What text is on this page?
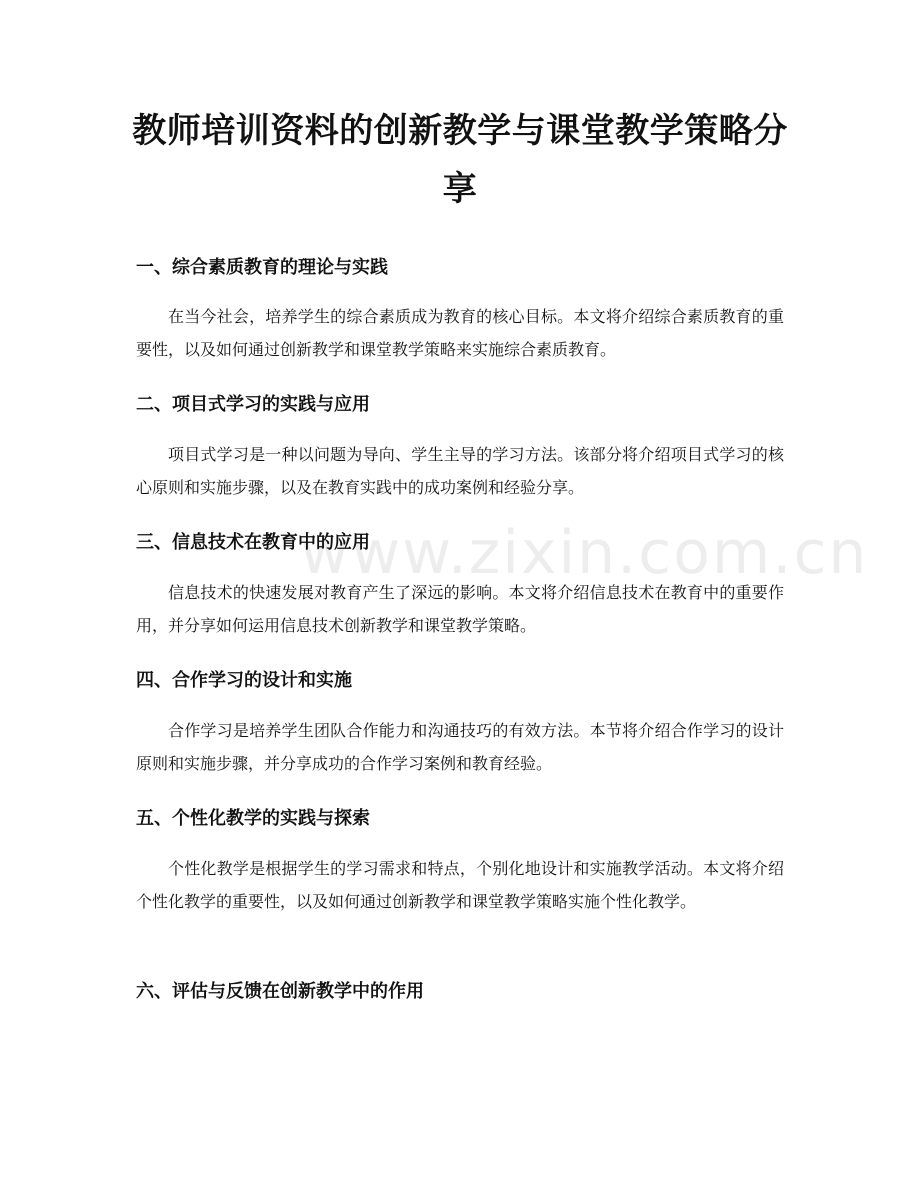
教师培训资料的创新教学与课堂教学策略分享
一、综合素质教育的理论与实践

在当今社会，培养学生的综合素质成为教育的核心目标。本文将介绍综合素质教育的重要性，以及如何通过创新教学和课堂教学策略来实施综合素质教育。

二、项目式学习的实践与应用

项目式学习是一种以问题为导向、学生主导的学习方法。该部分将介绍项目式学习的核心原则和实施步骤，以及在教育实践中的成功案例和经验分享。

三、信息技术在教育中的应用

信息技术的快速发展对教育产生了深远的影响。本文将介绍信息技术在教育中的重要作用，并分享如何运用信息技术创新教学和课堂教学策略。

四、合作学习的设计和实施

合作学习是培养学生团队合作能力和沟通技巧的有效方法。本节将介绍合作学习的设计原则和实施步骤，并分享成功的合作学习案例和教育经验。

五、个性化教学的实践与探索

个性化教学是根据学生的学习需求和特点，个别化地设计和实施教学活动。本文将介绍个性化教学的重要性，以及如何通过创新教学和课堂教学策略实施个性化教学。

六、评估与反馈在创新教学中的作用
www.zixin.com.cn
